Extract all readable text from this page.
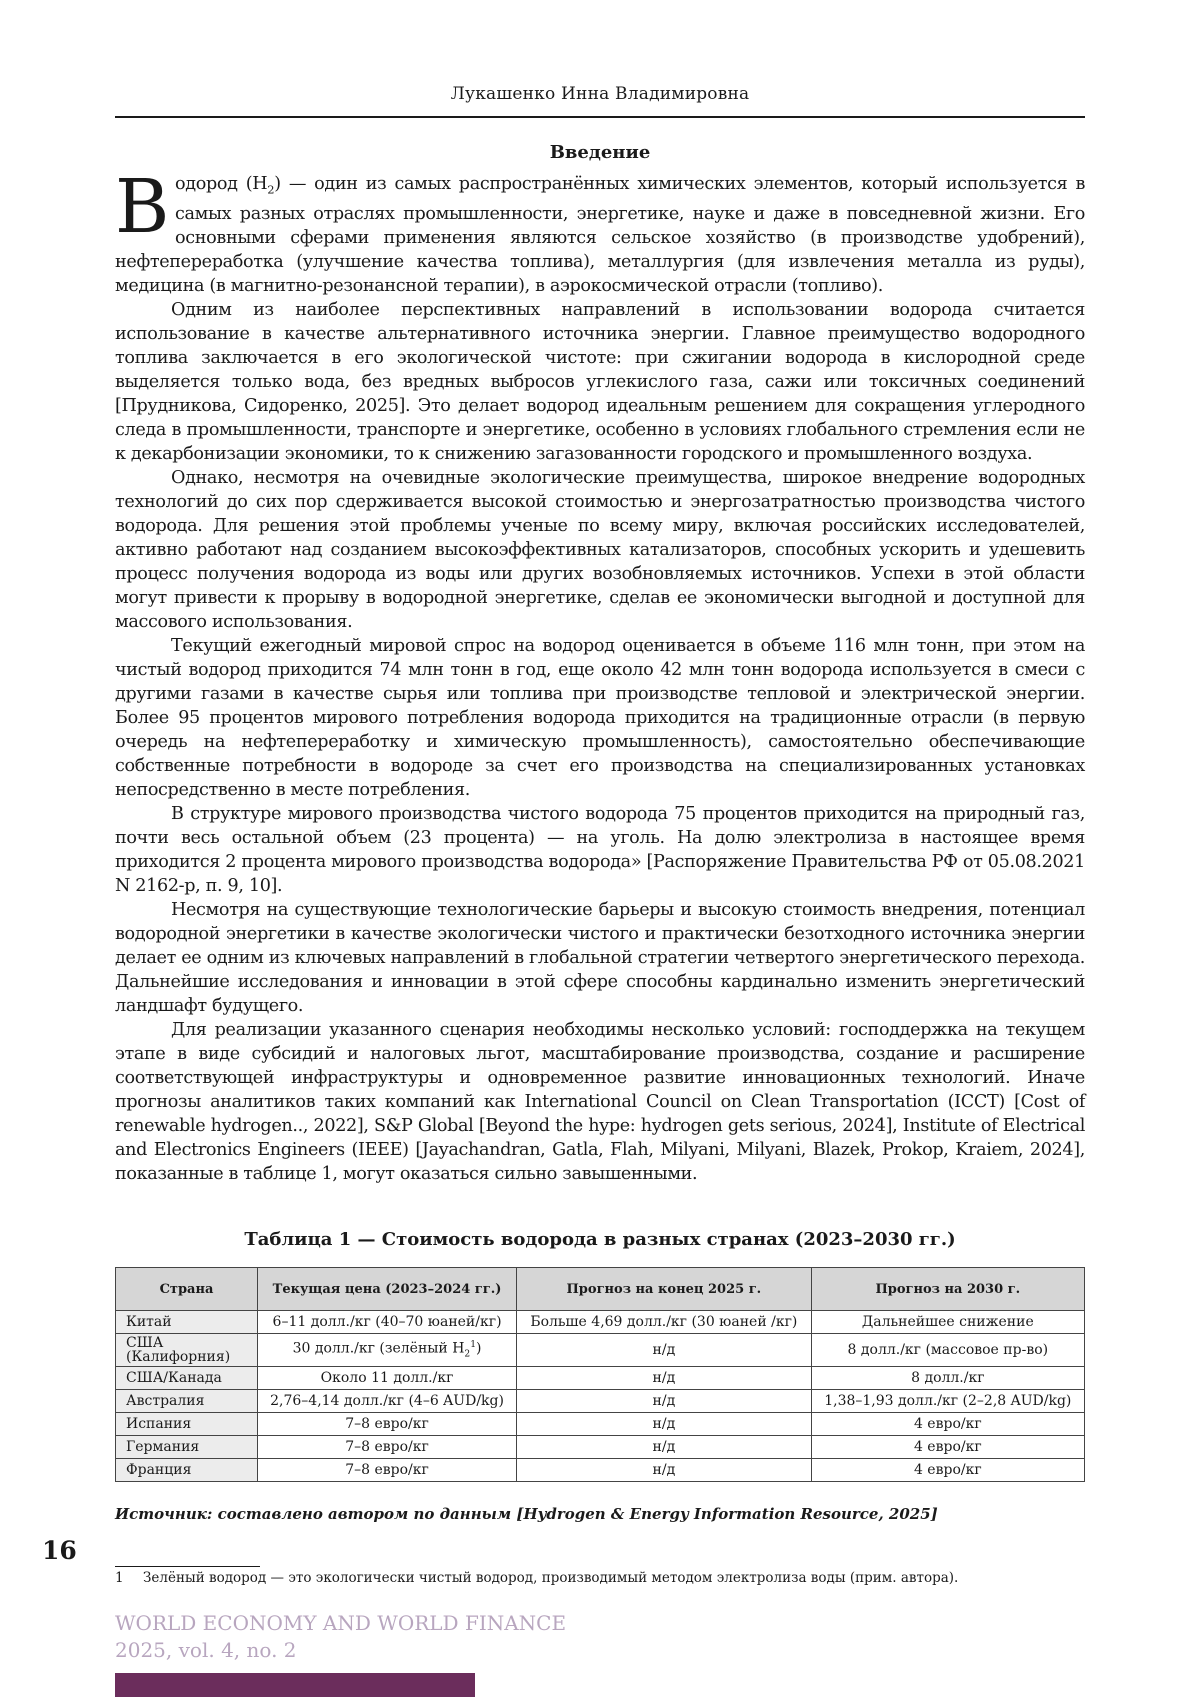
Лукашенко Инна Владимировна
Введение

В одород (H2) — один из самых распространённых химических элементов, который используется в самых разных отраслях промышленности, энергетике, науке и даже в повседневной жизни. Его основными сферами применения являются сельское хозяйство (в производстве удобрений), нефтепереработка (улучшение качества топлива), металлургия (для извлечения металла из руды), медицина (в магнитно-резонансной терапии), в аэрокосмической отрасли (топливо).

Одним из наиболее перспективных направлений в использовании водорода считается использование в качестве альтернативного источника энергии. Главное преимущество водородного топлива заключается в его экологической чистоте: при сжигании водорода в кислородной среде выделяется только вода, без вредных выбросов углекислого газа, сажи или токсичных соединений [Прудникова, Сидоренко, 2025]. Это делает водород идеальным решением для сокращения углеродного следа в промышленности, транспорте и энергетике, особенно в условиях глобального стремления если не к декарбонизации экономики, то к снижению загазованности городского и промышленного воздуха.

Однако, несмотря на очевидные экологические преимущества, широкое внедрение водородных технологий до сих пор сдерживается высокой стоимостью и энергозатратностью производства чистого водорода. Для решения этой проблемы ученые по всему миру, включая российских исследователей, активно работают над созданием высокоэффективных катализаторов, способных ускорить и удешевить процесс получения водорода из воды или других возобновляемых источников. Успехи в этой области могут привести к прорыву в водородной энергетике, сделав ее экономически выгодной и доступной для массового использования.

Текущий ежегодный мировой спрос на водород оценивается в объеме 116 млн тонн, при этом на чистый водород приходится 74 млн тонн в год, еще около 42 млн тонн водорода используется в смеси с другими газами в качестве сырья или топлива при производстве тепловой и электрической энергии. Более 95 процентов мирового потребления водорода приходится на традиционные отрасли (в первую очередь на нефтепереработку и химическую промышленность), самостоятельно обеспечивающие собственные потребности в водороде за счет его производства на специализированных установках непосредственно в месте потребления.

В структуре мирового производства чистого водорода 75 процентов приходится на природный газ, почти весь остальной объем (23 процента) — на уголь. На долю электролиза в настоящее время приходится 2 процента мирового производства водорода» [Распоряжение Правительства РФ от 05.08.2021 N 2162-р, п. 9, 10].

Несмотря на существующие технологические барьеры и высокую стоимость внедрения, потенциал водородной энергетики в качестве экологически чистого и практически безотходного источника энергии делает ее одним из ключевых направлений в глобальной стратегии четвертого энергетического перехода. Дальнейшие исследования и инновации в этой сфере способны кардинально изменить энергетический ландшафт будущего.

Для реализации указанного сценария необходимы несколько условий: господдержка на текущем этапе в виде субсидий и налоговых льгот, масштабирование производства, создание и расширение соответствующей инфраструктуры и одновременное развитие инновационных технологий. Иначе прогнозы аналитиков таких компаний как International Council on Clean Transportation (ICCT) [Cost of renewable hydrogen.., 2022], S&P Global [Beyond the hype: hydrogen gets serious, 2024], Institute of Electrical and Electronics Engineers (IEEE) [Jayachandran, Gatla, Flah, Milyani, Milyani, Blazek, Prokop, Kraiem, 2024], показанные в таблице 1, могут оказаться сильно завышенными.

Таблица 1 — Стоимость водорода в разных странах (2023–2030 гг.)
Страна	Текущая цена (2023–2024 гг.)	Прогноз на конец 2025 г.	Прогноз на 2030 г.
Китай	6–11 долл./кг (40–70 юаней/кг)	Больше 4,69 долл./кг (30 юаней /кг)	Дальнейшее снижение
США (Калифорния)	30 долл./кг (зелёный H21)	н/д	8 долл./кг (массовое пр-во)
США/Канада	Около 11 долл./кг	н/д	8 долл./кг
Австралия	2,76–4,14 долл./кг (4–6 AUD/kg)	н/д	1,38–1,93 долл./кг (2–2,8 AUD/kg)
Испания	7–8 евро/кг	н/д	4 евро/кг
Германия	7–8 евро/кг	н/д	4 евро/кг
Франция	7–8 евро/кг	н/д	4 евро/кг
Источник: составлено автором по данным [Hydrogen & Energy Information Resource, 2025]
16
1 Зелёный водород — это экологически чистый водород, производимый методом электролиза воды (прим. автора).
WORLD ECONOMY AND WORLD FINANCE
2025, vol. 4, no. 2
